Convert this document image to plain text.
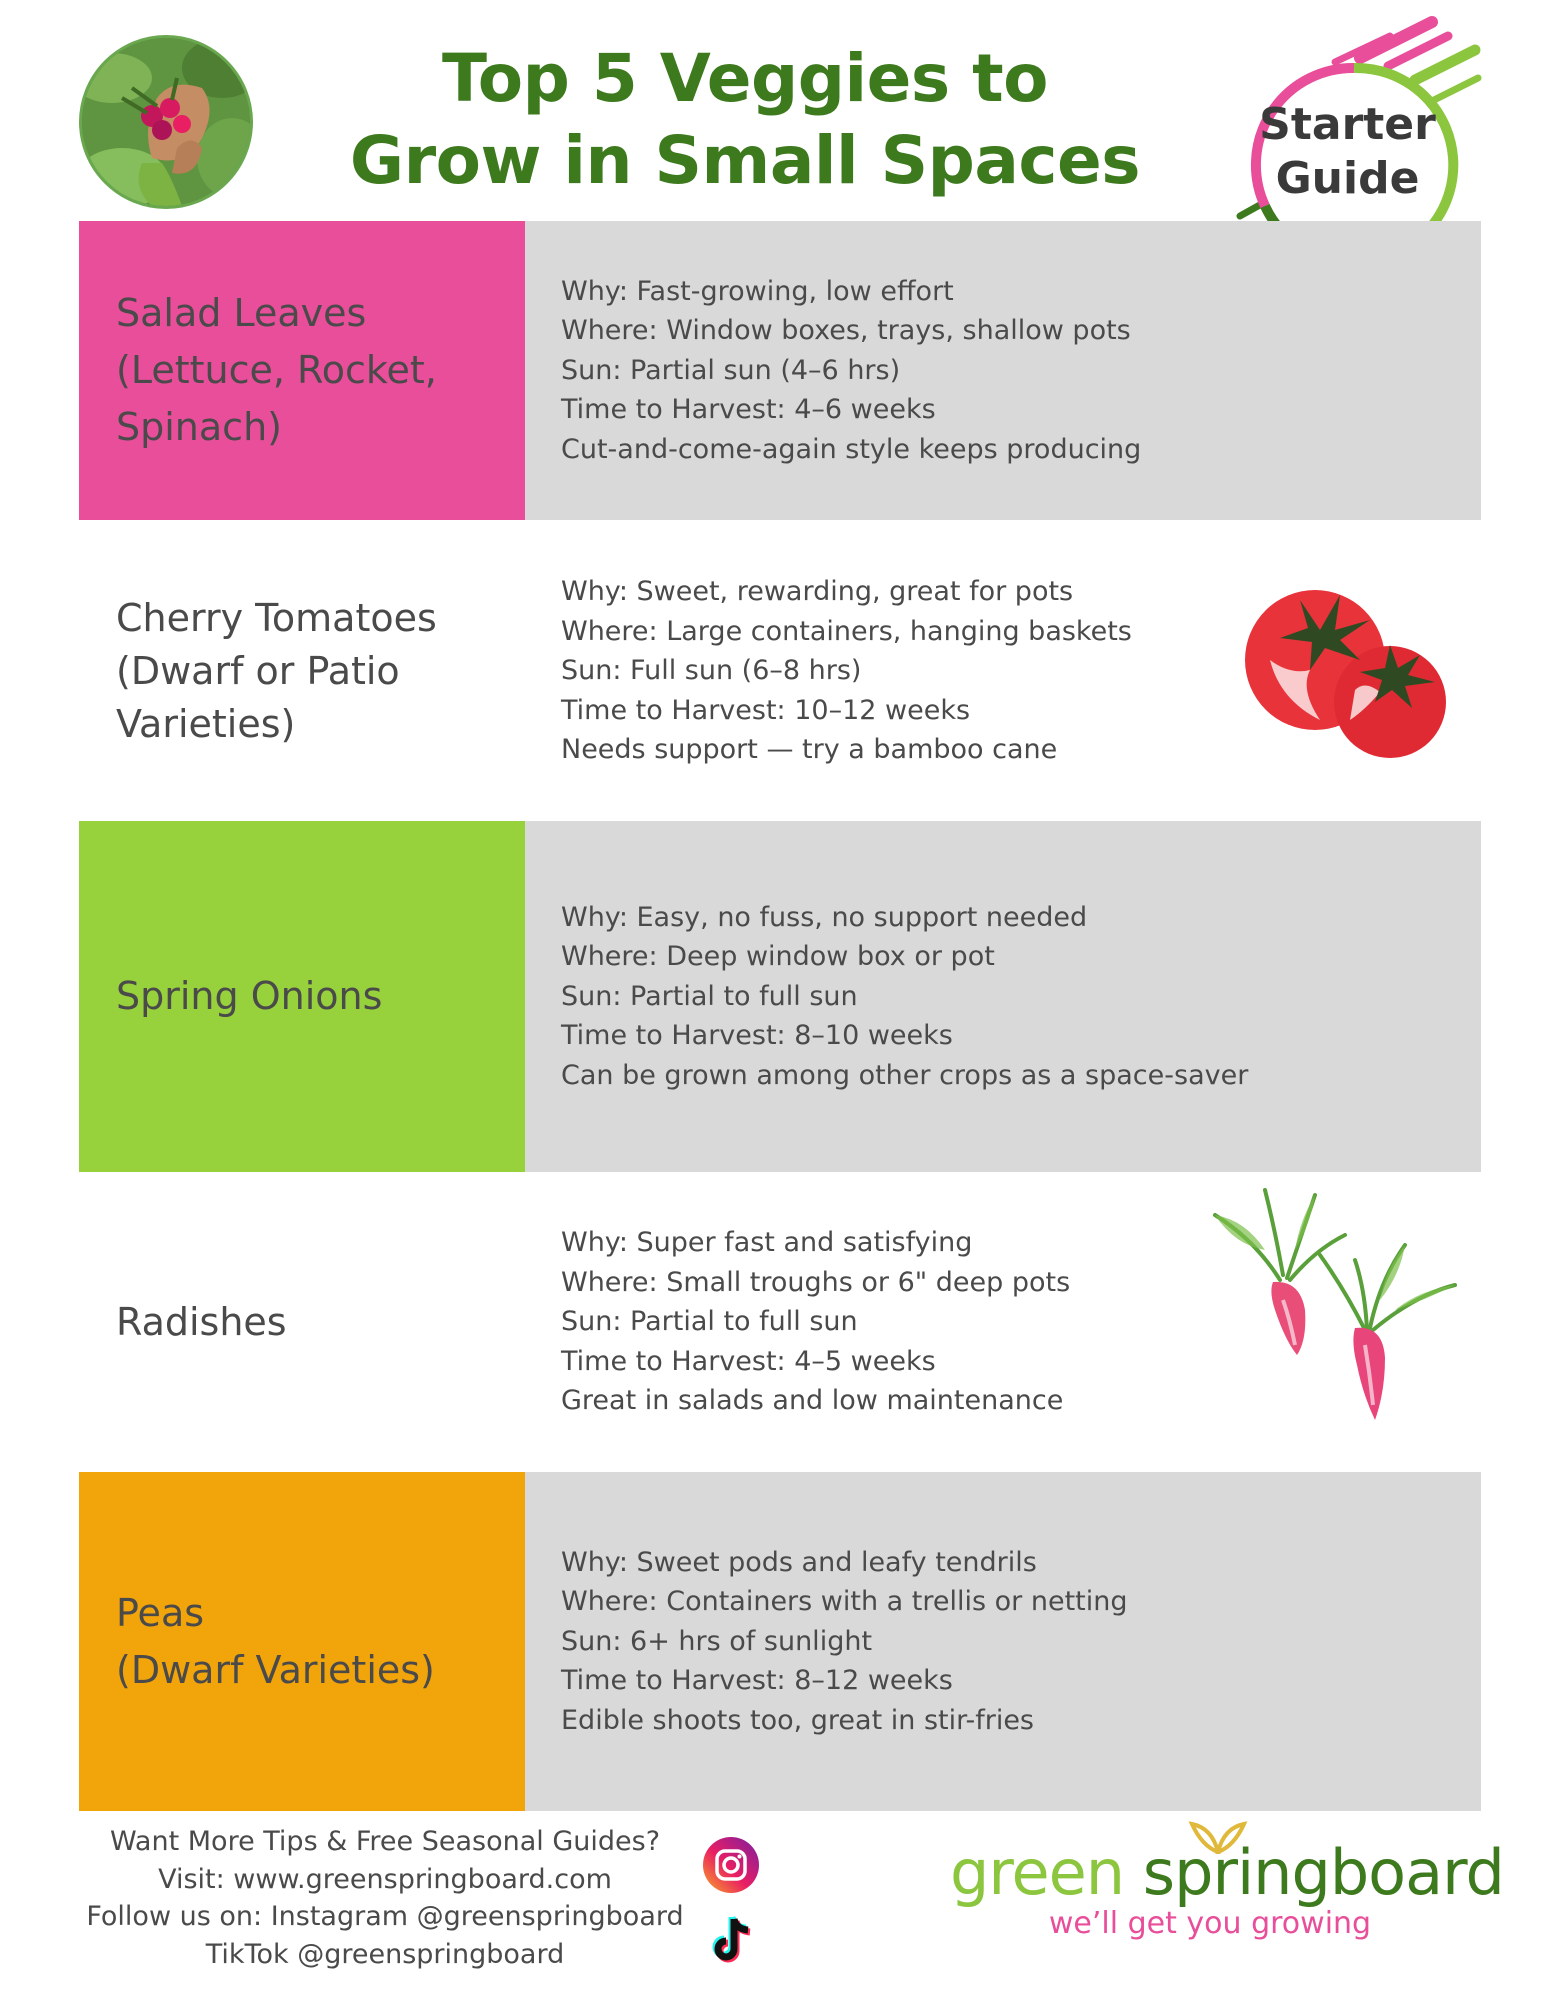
Top 5 Veggies to
Grow in Small Spaces	Starter
Guide
Why: Fast-growing, low effort
Where: Window boxes, trays, shallow pots
Sun: Partial sun (4–6 hrs)
Time to Harvest: 4–6 weeks
Cut-and-come-again style keeps producing
Salad Leaves
(Lettuce, Rocket,
Spinach)
Cherry Tomatoes
(Dwarf or Patio
Varieties)
Why: Sweet, rewarding, great for pots
Where: Large containers, hanging baskets
Sun: Full sun (6–8 hrs)
Time to Harvest: 10–12 weeks
Needs support — try a bamboo cane
Why: Easy, no fuss, no support needed
Where: Deep window box or pot
Sun: Partial to full sun
Time to Harvest: 8–10 weeks
Can be grown among other crops as a space-saver
Spring Onions
Radishes
Why: Super fast and satisfying
Where: Small troughs or 6" deep pots
Sun: Partial to full sun
Time to Harvest: 4–5 weeks
Great in salads and low maintenance
Why: Sweet pods and leafy tendrils
Where: Containers with a trellis or netting
Sun: 6+ hrs of sunlight
Time to Harvest: 8–12 weeks
Edible shoots too, great in stir-fries
Peas
(Dwarf Varieties)
Want More Tips & Free Seasonal Guides?
Visit: www.greenspringboard.com
Follow us on: Instagram @greenspringboard
TikTok @greenspringboard
green springboard
we’ll get you growing
